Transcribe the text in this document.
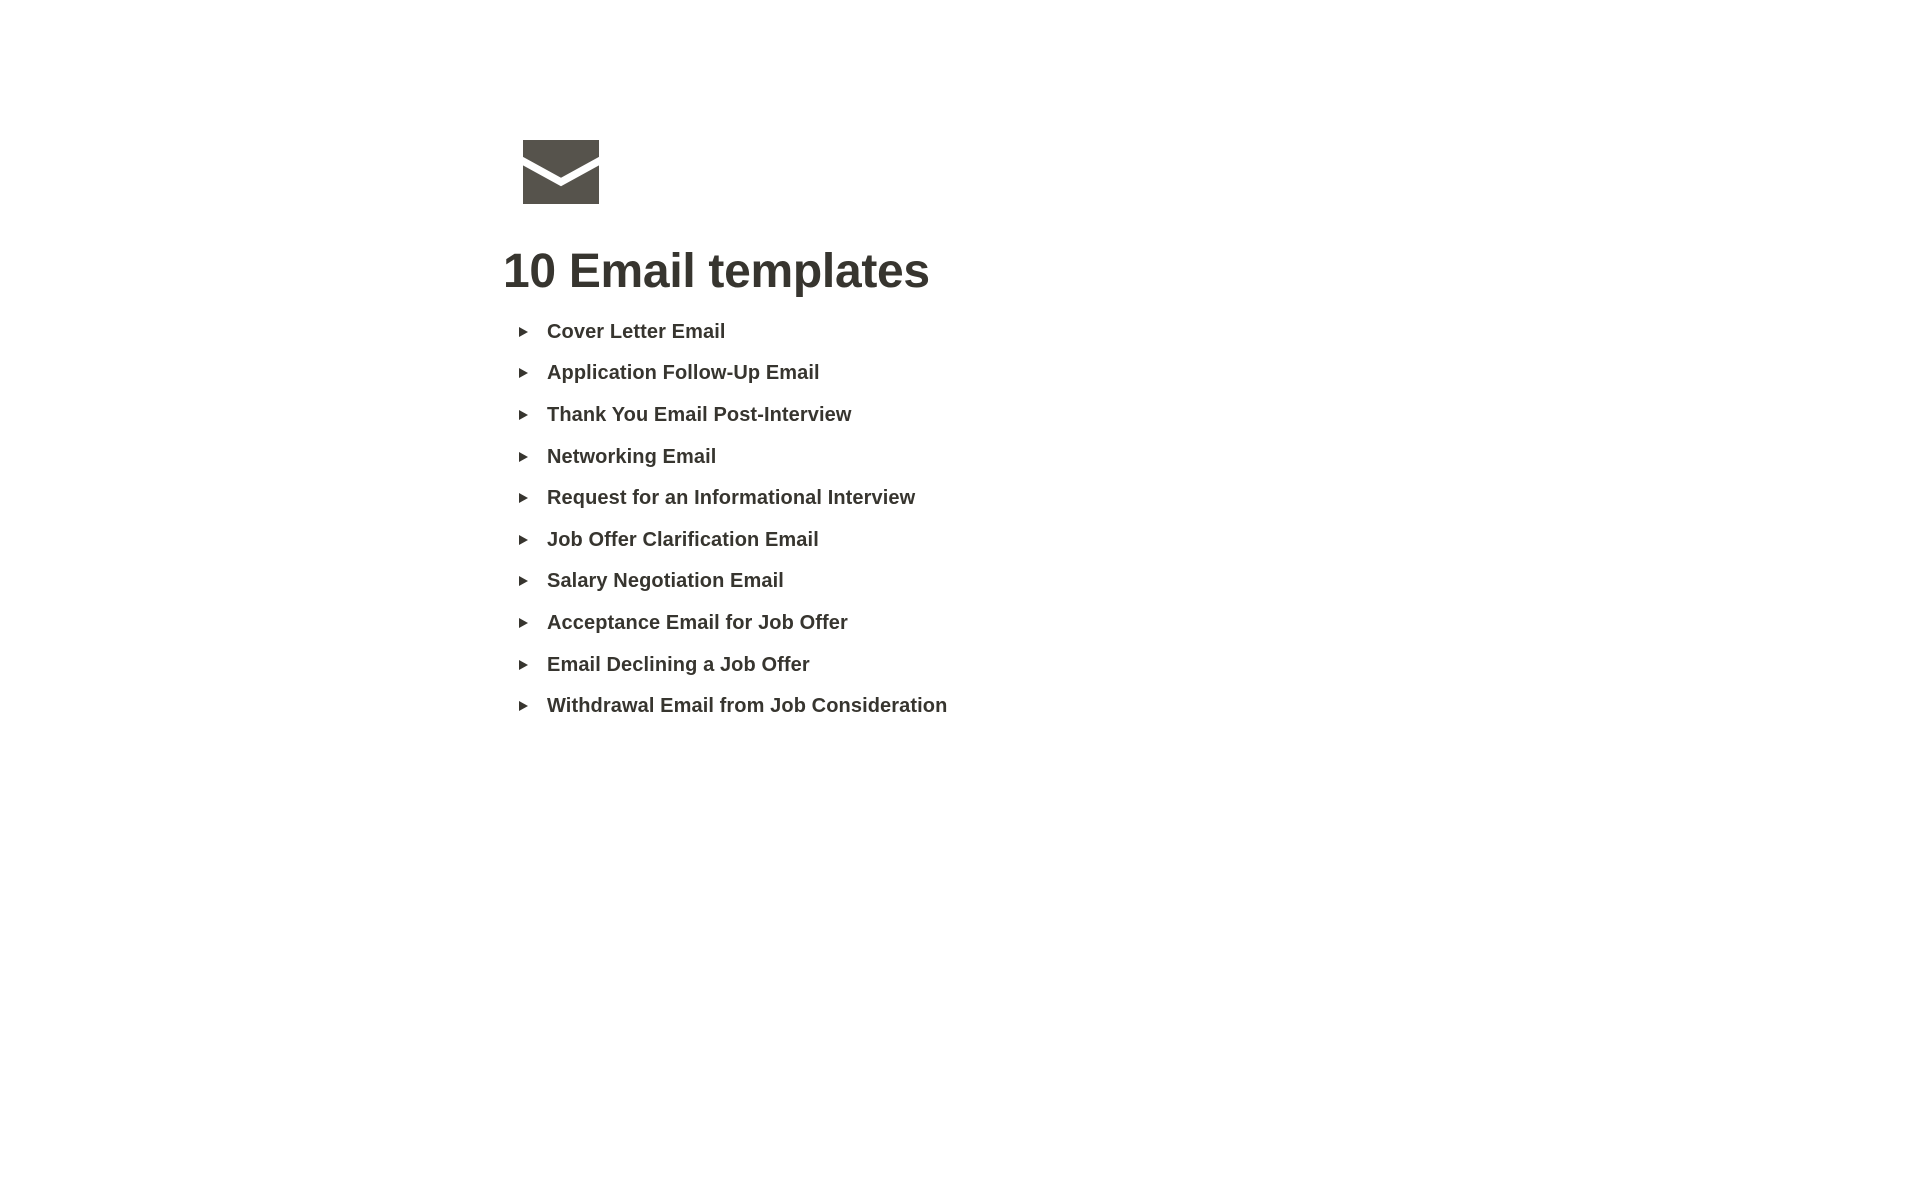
10 Email templates
Cover Letter Email
Application Follow-Up Email
Thank You Email Post-Interview
Networking Email
Request for an Informational Interview
Job Offer Clarification Email
Salary Negotiation Email
Acceptance Email for Job Offer
Email Declining a Job Offer
Withdrawal Email from Job Consideration
